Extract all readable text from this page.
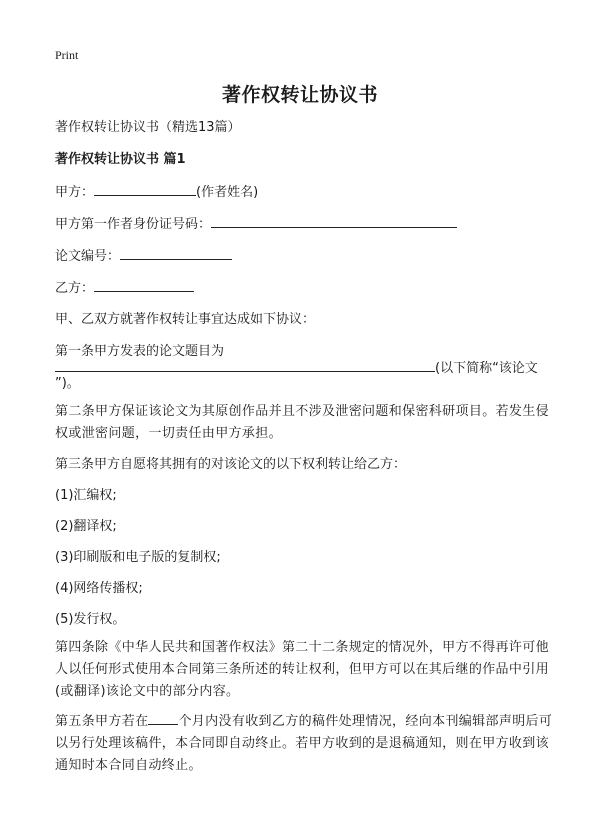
Print
著作权转让协议书
著作权转让协议书（精选13篇）
著作权转让协议书 篇1
甲方：	(作者姓名)
甲方第一作者身份证号码：
论文编号：
乙方：
甲、乙双方就著作权转让事宜达成如下协议：
第一条甲方发表的论文题目为
(以下简称“该论文
”)。
第二条甲方保证该论文为其原创作品并且不涉及泄密问题和保密科研项目。若发生侵权或泄密问题，一切责任由甲方承担。
第三条甲方自愿将其拥有的对该论文的以下权利转让给乙方：
(1)汇编权;
(2)翻译权;
(3)印刷版和电子版的复制权;
(4)网络传播权;
(5)发行权。
第四条除《中华人民共和国著作权法》第二十二条规定的情况外，甲方不得再许可他人以任何形式使用本合同第三条所述的转让权利，但甲方可以在其后继的作品中引用(或翻译)该论文中的部分内容。
第五条甲方若在 个月内没有收到乙方的稿件处理情况，经向本刊编辑部声明后可以另行处理该稿件，本合同即自动终止。若甲方收到的是退稿通知，则在甲方收到该通知时本合同自动终止。
